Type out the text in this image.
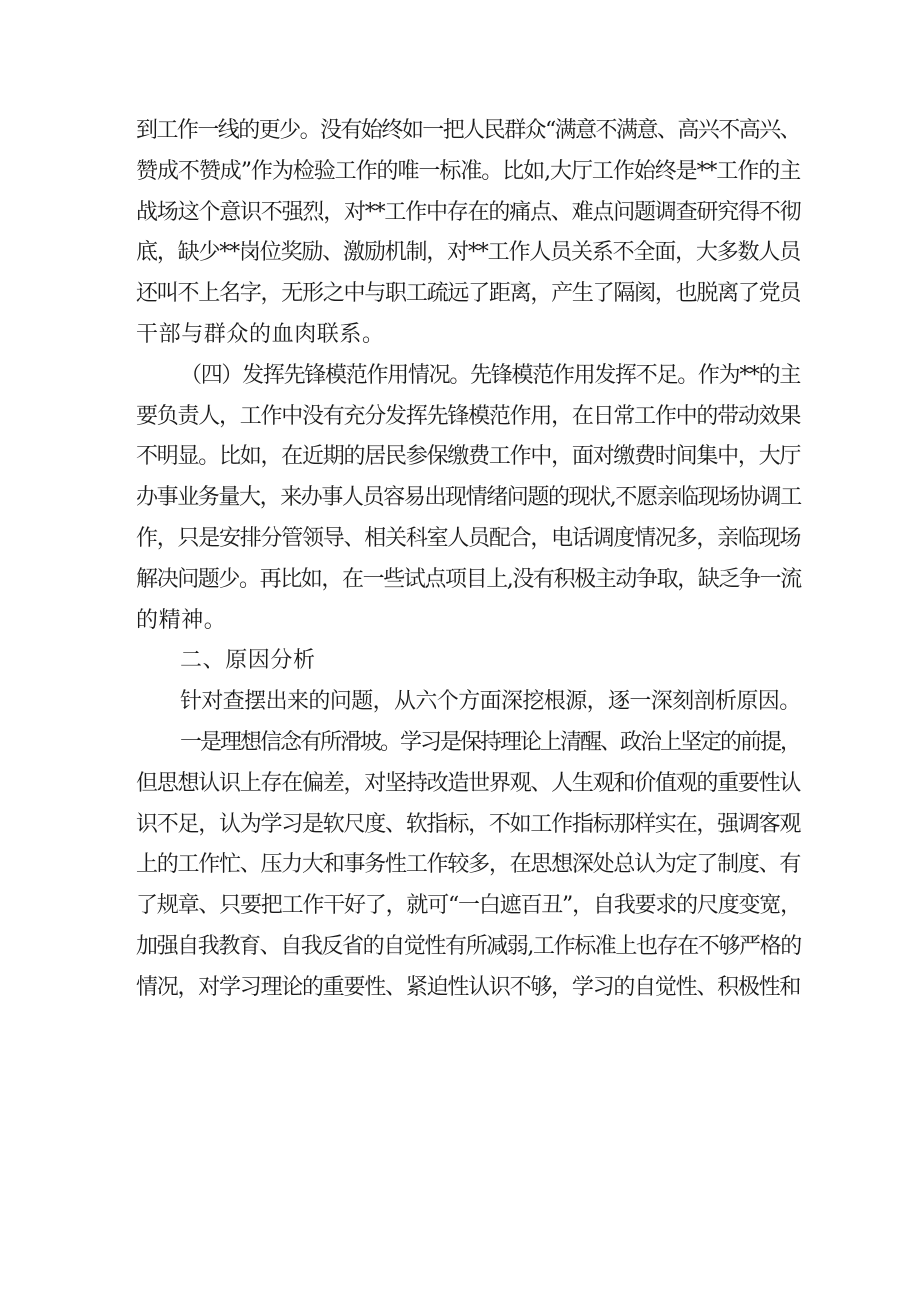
到工作一线的更少。没有始终如一把人民群众“满意不满意、高兴不高兴、
赞成不赞成”作为检验工作的唯一标准。比如,大厅工作始终是**工作的主
战场这个意识不强烈，对**工作中存在的痛点、难点问题调查研究得不彻
底，缺少**岗位奖励、激励机制，对**工作人员关系不全面，大多数人员
还叫不上名字，无形之中与职工疏远了距离，产生了隔阂，也脱离了党员
干部与群众的血肉联系。
（四）发挥先锋模范作用情况。先锋模范作用发挥不足。作为**的主
要负责人，工作中没有充分发挥先锋模范作用，在日常工作中的带动效果
不明显。比如，在近期的居民参保缴费工作中，面对缴费时间集中，大厅
办事业务量大，来办事人员容易出现情绪问题的现状,不愿亲临现场协调工
作，只是安排分管领导、相关科室人员配合，电话调度情况多，亲临现场
解决问题少。再比如，在一些试点项目上,没有积极主动争取，缺乏争一流
的精神。
二、原因分析
针对查摆出来的问题，从六个方面深挖根源，逐一深刻剖析原因。
一是理想信念有所滑坡。学习是保持理论上清醒、政治上坚定的前提，
但思想认识上存在偏差，对坚持改造世界观、人生观和价值观的重要性认
识不足，认为学习是软尺度、软指标，不如工作指标那样实在，强调客观
上的工作忙、压力大和事务性工作较多，在思想深处总认为定了制度、有
了规章、只要把工作干好了，就可“一白遮百丑”，自我要求的尺度变宽，
加强自我教育、自我反省的自觉性有所减弱,工作标准上也存在不够严格的
情况，对学习理论的重要性、紧迫性认识不够，学习的自觉性、积极性和
